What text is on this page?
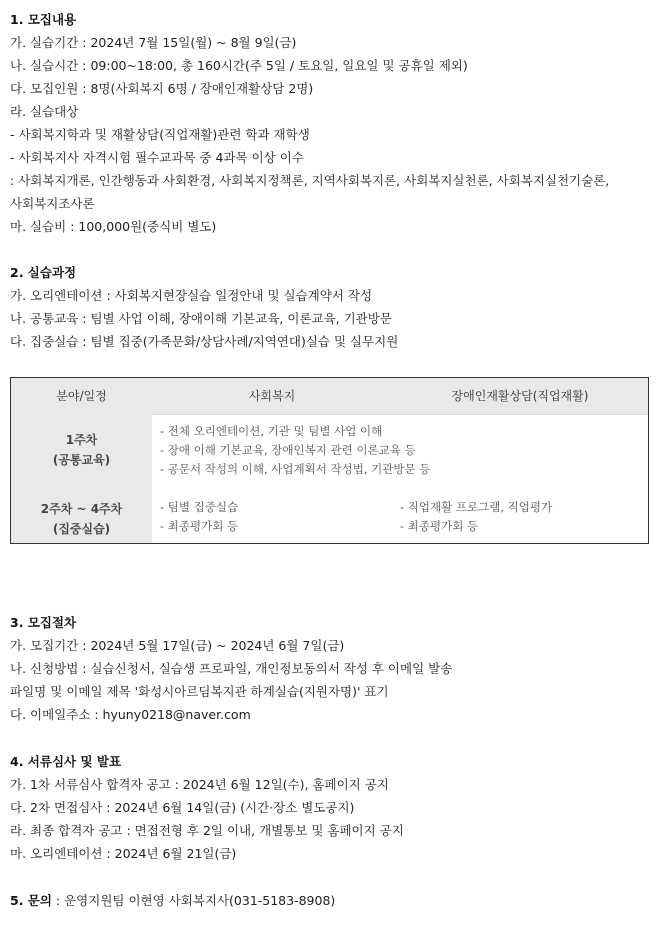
1. 모집내용
가. 실습기간 : 2024년 7월 15일(월) ~ 8월 9일(금)
나. 실습시간 : 09:00~18:00, 총 160시간(주 5일 / 토요일, 일요일 및 공휴일 제외)
다. 모집인원 : 8명(사회복지 6명 / 장애인재활상담 2명)
라. 실습대상
- 사회복지학과 및 재활상담(직업재활)관련 학과 재학생
- 사회복지사 자격시험 필수교과목 중 4과목 이상 이수
: 사회복지개론, 인간행동과 사회환경, 사회복지정책론, 지역사회복지론, 사회복지실천론, 사회복지실천기술론,
사회복지조사론
마. 실습비 : 100,000원(중식비 별도)
2. 실습과정
가. 오리엔테이션 : 사회복지현장실습 일정안내 및 실습계약서 작성
나. 공통교육 : 팀별 사업 이해, 장애이해 기본교육, 이론교육, 기관방문
다. 집중실습 : 팀별 집중(가족문화/상담사례/지역연대)실습 및 실무지원
분야/일정	사회복지	장애인재활상담(직업재활)
1주차
(공통교육)
2주차 ~ 4주차
(집중실습)
- 전체 오리엔테이션, 기관 및 팀별 사업 이해
- 장애 이해 기본교육, 장애인복지 관련 이론교육 등
- 공문서 작성의 이해, 사업계획서 작성법, 기관방문 등
- 팀별 집중실습
- 최종평가회 등
- 직업재활 프로그램, 직업평가
- 최종평가회 등
3. 모집절차
가. 모집기간 : 2024년 5월 17일(금) ~ 2024년 6월 7일(금)
나. 신청방법 : 실습신청서, 실습생 프로파일, 개인정보동의서 작성 후 이메일 발송
파일명 및 이메일 제목 '화성시아르딤복지관 하계실습(지원자명)' 표기
다. 이메일주소 : hyuny0218@naver.com
4. 서류심사 및 발표
가. 1차 서류심사 합격자 공고 : 2024년 6월 12일(수), 홈페이지 공지
다. 2차 면접심사 : 2024년 6월 14일(금) (시간·장소 별도공지)
라. 최종 합격자 공고 : 면접전형 후 2일 이내, 개별통보 및 홈페이지 공지
마. 오리엔테이션 : 2024년 6월 21일(금)
5. 문의 : 운영지원팀 이현영 사회복지사(031-5183-8908)
